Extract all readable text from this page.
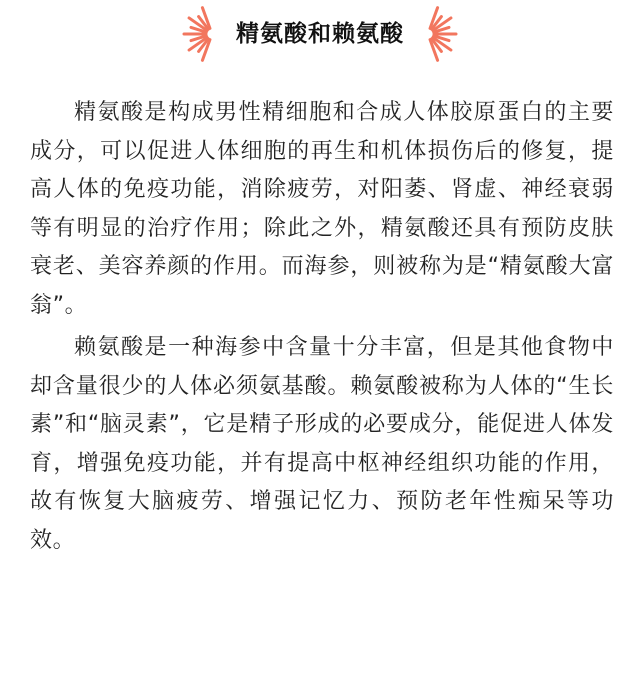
精氨酸和赖氨酸

精氨酸是构成男性精细胞和合成人体胶原蛋白的主要成分，可以促进人体细胞的再生和机体损伤后的修复，提高人体的免疫功能，消除疲劳，对阳萎、肾虚、神经衰弱等有明显的治疗作用；除此之外，精氨酸还具有预防皮肤衰老、美容养颜的作用。而海参，则被称为是“精氨酸大富翁”。

赖氨酸是一种海参中含量十分丰富，但是其他食物中却含量很少的人体必须氨基酸。赖氨酸被称为人体的“生长素”和“脑灵素”，它是精子形成的必要成分，能促进人体发育，增强免疫功能，并有提高中枢神经组织功能的作用，故有恢复大脑疲劳、增强记忆力、预防老年性痴呆等功效。
